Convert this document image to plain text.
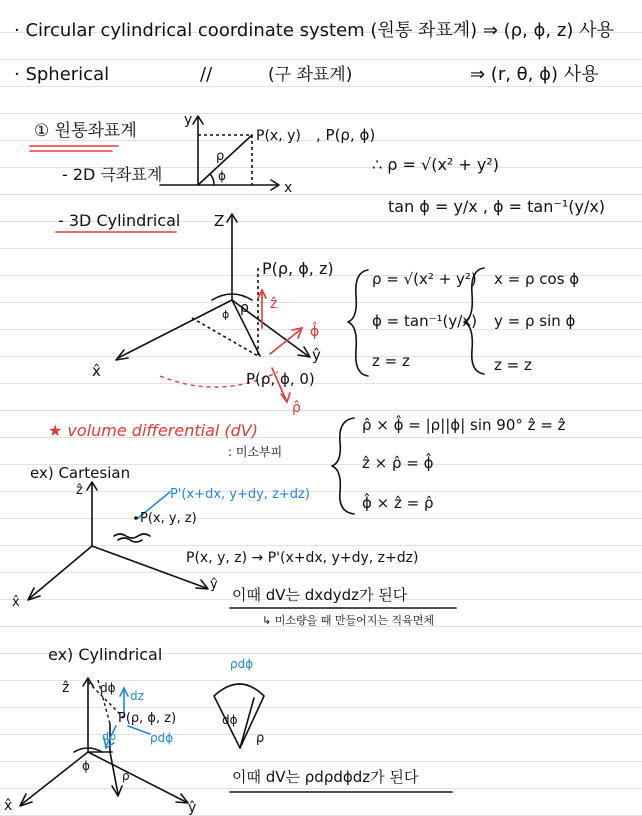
· Circular cylindrical coordinate system (원통 좌표계) ⇒ (ρ, ϕ, z) 사용
· Spherical	//	(구 좌표계)	⇒ (r, θ, ϕ) 사용
① 원통좌표계
- 2D 극좌표계
- 3D Cylindrical
y
x
ρ
ϕ
P(x, y) , P(ρ, ϕ)
∴ ρ = √(x² + y²)
tan ϕ = y/x , ϕ = tan⁻¹(y/x)
Z
P(ρ, ϕ, z)
ρ
ϕ
ẑ
ϕ̂
ρ̂
x̂
ŷ
P(ρ, ϕ, 0)
ρ = √(x² + y²)
ϕ = tan⁻¹(y/x)
z = z
x = ρ cos ϕ
y = ρ sin ϕ
z = z
★ volume differential (dV)
: 미소부피
ρ̂ × ϕ̂ = |ρ||ϕ| sin 90° ẑ = ẑ
ẑ × ρ̂ = ϕ̂
ϕ̂ × ẑ = ρ̂
ex) Cartesian
ẑ
x̂
ŷ
P(x, y, z)
P'(x+dx, y+dy, z+dz)
P(x, y, z) → P'(x+dx, y+dy, z+dz)
이때 dV는 dxdydz가 된다
↳ 미소량을 때 만들어지는 직육면체
ex) Cylindrical
ẑ
x̂	ŷ
dϕ
dz
P(ρ, ϕ, z)
dρ	ρdϕ
ϕ
ρ
ρdϕ
dϕ
ρ
이때 dV는 ρdρdϕdz가 된다
